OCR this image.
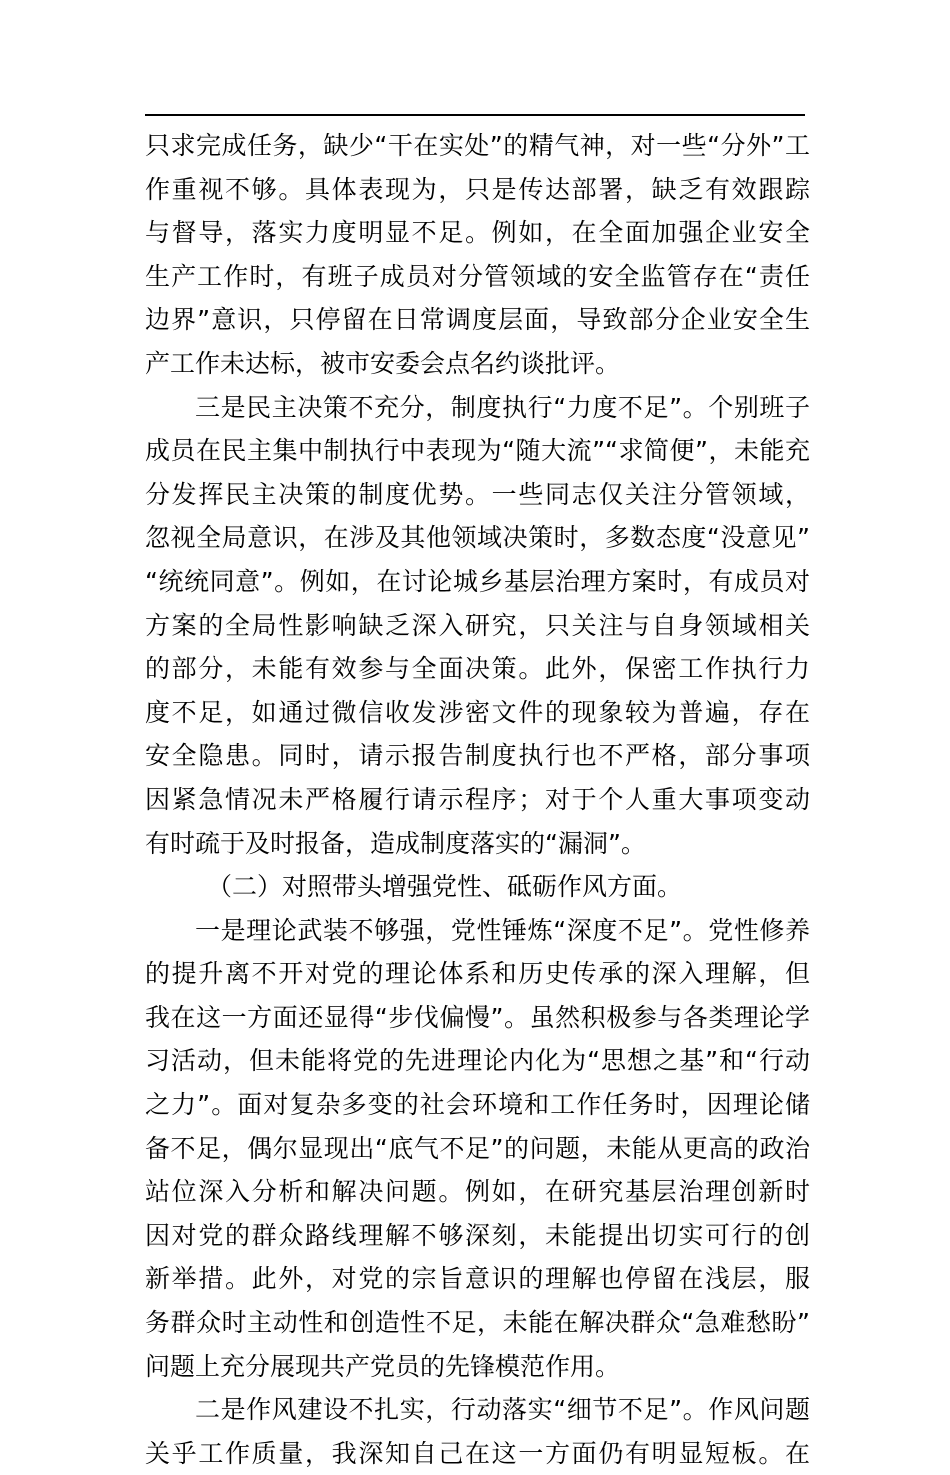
只求完成任务，缺少“干在实处”的精气神，对一些“分外”工
作重视不够。具体表现为，只是传达部署，缺乏有效跟踪
与督导，落实力度明显不足。例如，在全面加强企业安全
生产工作时，有班子成员对分管领域的安全监管存在“责任
边界”意识，只停留在日常调度层面，导致部分企业安全生
产工作未达标，被市安委会点名约谈批评。
三是民主决策不充分，制度执行“力度不足”。个别班子
成员在民主集中制执行中表现为“随大流”“求简便”，未能充
分发挥民主决策的制度优势。一些同志仅关注分管领域，
忽视全局意识，在涉及其他领域决策时，多数态度“没意见”
“统统同意”。例如，在讨论城乡基层治理方案时，有成员对
方案的全局性影响缺乏深入研究，只关注与自身领域相关
的部分，未能有效参与全面决策。此外，保密工作执行力
度不足，如通过微信收发涉密文件的现象较为普遍，存在
安全隐患。同时，请示报告制度执行也不严格，部分事项
因紧急情况未严格履行请示程序；对于个人重大事项变动
有时疏于及时报备，造成制度落实的“漏洞”。
（二）对照带头增强党性、砥砺作风方面。
一是理论武装不够强，党性锤炼“深度不足”。党性修养
的提升离不开对党的理论体系和历史传承的深入理解，但
我在这一方面还显得“步伐偏慢”。虽然积极参与各类理论学
习活动，但未能将党的先进理论内化为“思想之基”和“行动
之力”。面对复杂多变的社会环境和工作任务时，因理论储
备不足，偶尔显现出“底气不足”的问题，未能从更高的政治
站位深入分析和解决问题。例如，在研究基层治理创新时
因对党的群众路线理解不够深刻，未能提出切实可行的创
新举措。此外，对党的宗旨意识的理解也停留在浅层，服
务群众时主动性和创造性不足，未能在解决群众“急难愁盼”
问题上充分展现共产党员的先锋模范作用。
二是作风建设不扎实，行动落实“细节不足”。作风问题
关乎工作质量，我深知自己在这一方面仍有明显短板。在
